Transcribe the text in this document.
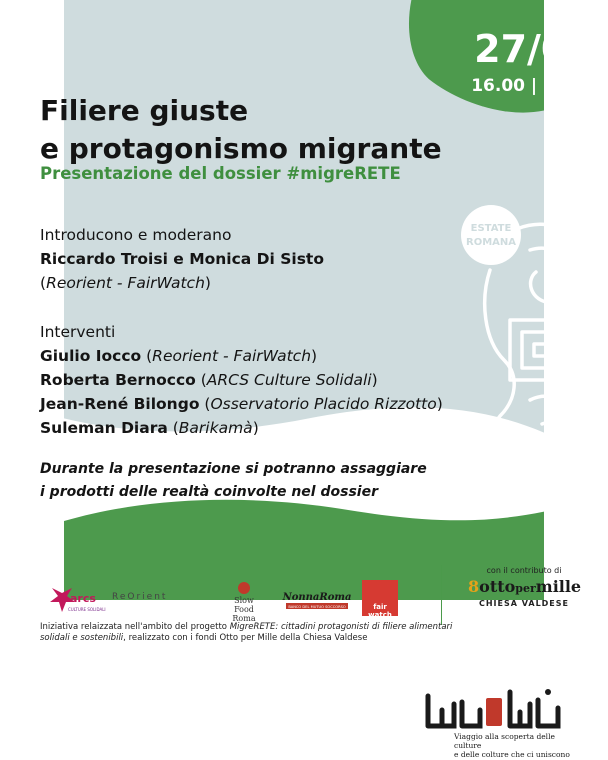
27/09
16.00 | 17.00
Filiere giuste
e protagonismo migrante
Presentazione del dossier #migreRETE
Introducono e moderano
Riccardo Troisi e Monica Di Sisto
(Reorient - FairWatch)
Interventi
Giulio Iocco (Reorient - FairWatch)
Roberta Bernocco (ARCS Culture Solidali)
Jean-René Bilongo (Osservatorio Placido Rizzotto)
Suleman Diara (Barikamà)
Durante la presentazione si potranno assaggiare
i prodotti delle realtà coinvolte nel dossier
ESTATE
ROMANA
arcs
CULTURE SOLIDALI
ReOrient	Slow Food
Roma
NonnaRoma
BANCO DEL MUTUO SOCCORSO	fair watch
con il contributo di
8ottopermille
CHIESA VALDESE
Iniziativa relaizzata nell'ambito del progetto MigreRETE: cittadini protagonisti di filiere alimentari solidali e sostenibili, realizzato con i fondi Otto per Mille della Chiesa Valdese
Roma, Piazza Vittorio
Viaggio alla scoperta delle culture
e delle colture che ci uniscono
